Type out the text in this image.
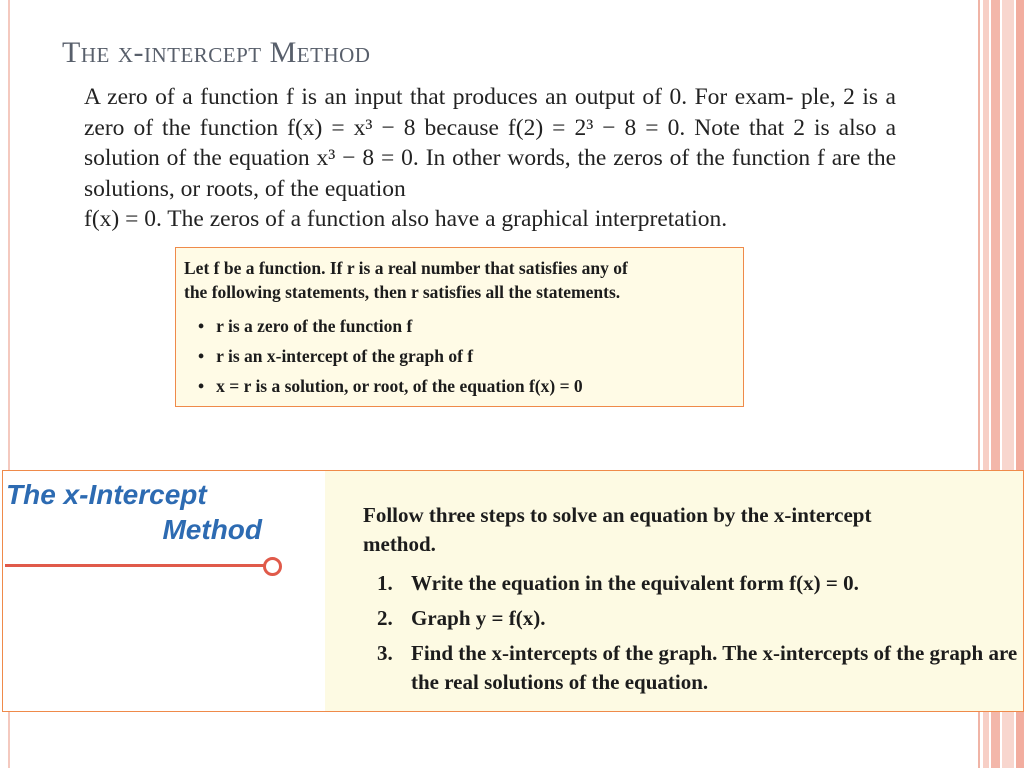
The x-intercept Method

A zero of a function f is an input that produces an output of 0. For exam- ple, 2 is a zero of the function f(x) = x³ − 8 because f(2) = 2³ − 8 = 0. Note that 2 is also a solution of the equation x³ − 8 = 0. In other words, the zeros of the function f are the solutions, or roots, of the equation
f(x) = 0. The zeros of a function also have a graphical interpretation.

Let f be a function. If r is a real number that satisfies any of
the following statements, then r satisfies all the statements.

• r is a zero of the function f
• r is an x-intercept of the graph of f
• x = r is a solution, or root, of the equation f(x) = 0
The x-Intercept
Method	Follow three steps to solve an equation by the x-intercept
method.

1. Write the equation in the equivalent form f(x) = 0.

2. Graph y = f(x).

3. Find the x-intercepts of the graph. The x-intercepts of the graph are the real solutions of the equation.
